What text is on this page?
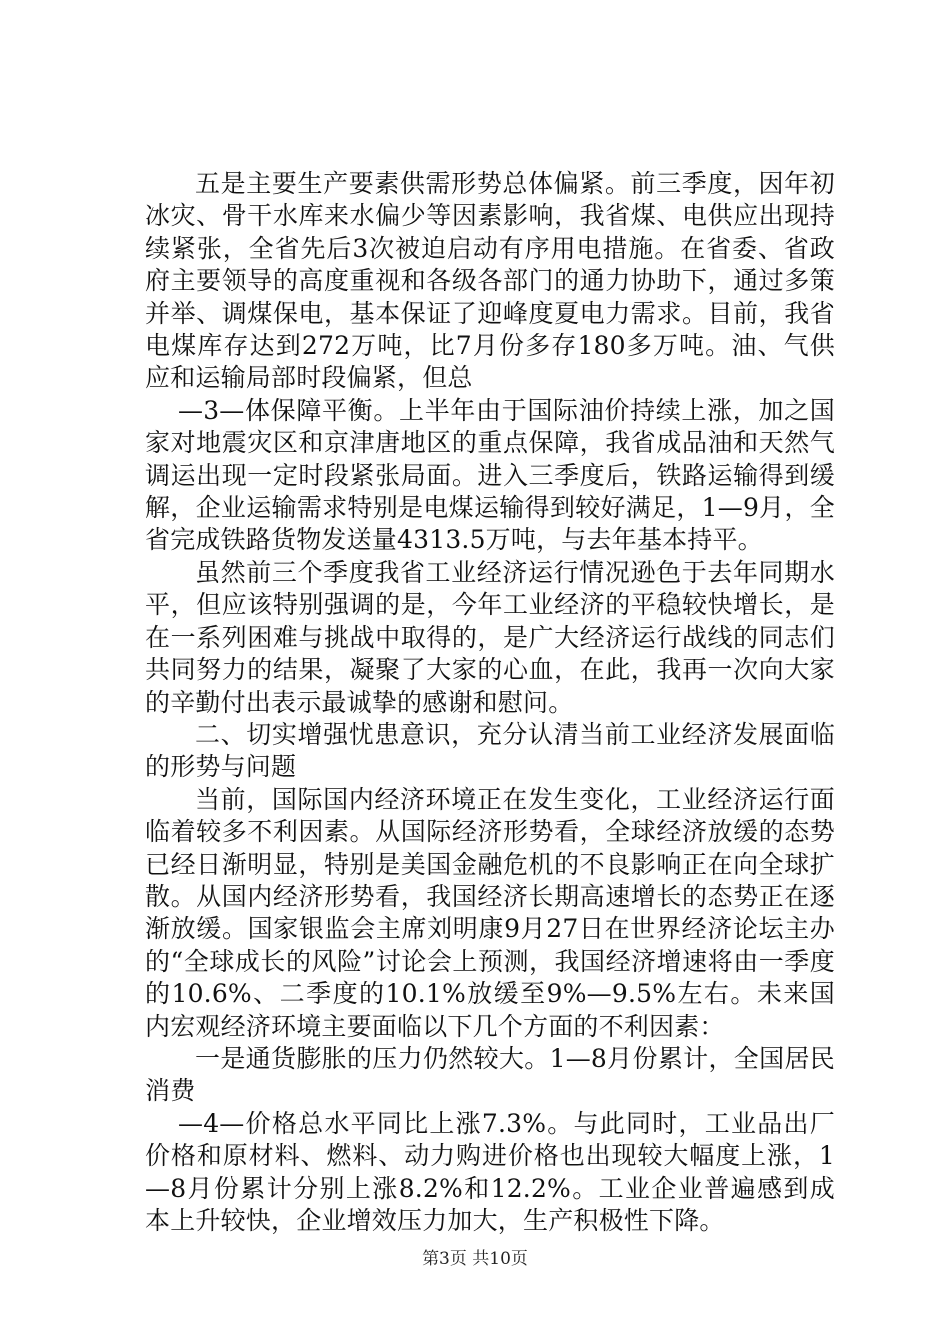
五是主要生产要素供需形势总体偏紧。前三季度，因年初冰灾、骨干水库来水偏少等因素影响，我省煤、电供应出现持续紧张，全省先后3次被迫启动有序用电措施。在省委、省政府主要领导的高度重视和各级各部门的通力协助下，通过多策并举、调煤保电，基本保证了迎峰度夏电力需求。目前，我省电煤库存达到272万吨，比7月份多存180多万吨。油、气供应和运输局部时段偏紧，但总

—3—体保障平衡。上半年由于国际油价持续上涨，加之国家对地震灾区和京津唐地区的重点保障，我省成品油和天然气调运出现一定时段紧张局面。进入三季度后，铁路运输得到缓解，企业运输需求特别是电煤运输得到较好满足，1—9月，全省完成铁路货物发送量4313.5万吨，与去年基本持平。

虽然前三个季度我省工业经济运行情况逊色于去年同期水平，但应该特别强调的是，今年工业经济的平稳较快增长，是在一系列困难与挑战中取得的，是广大经济运行战线的同志们共同努力的结果，凝聚了大家的心血，在此，我再一次向大家的辛勤付出表示最诚挚的感谢和慰问。

二、切实增强忧患意识，充分认清当前工业经济发展面临的形势与问题

当前，国际国内经济环境正在发生变化，工业经济运行面临着较多不利因素。从国际经济形势看，全球经济放缓的态势已经日渐明显，特别是美国金融危机的不良影响正在向全球扩散。从国内经济形势看，我国经济长期高速增长的态势正在逐渐放缓。国家银监会主席刘明康9月27日在世界经济论坛主办的“全球成长的风险”讨论会上预测，我国经济增速将由一季度的10.6%、二季度的10.1%放缓至9%—9.5%左右。未来国内宏观经济环境主要面临以下几个方面的不利因素：

一是通货膨胀的压力仍然较大。1—8月份累计，全国居民消费

—4—价格总水平同比上涨7.3%。与此同时，工业品出厂价格和原材料、燃料、动力购进价格也出现较大幅度上涨，1—8月份累计分别上涨8.2%和12.2%。工业企业普遍感到成本上升较快，企业增效压力加大，生产积极性下降。

第3页 共10页
